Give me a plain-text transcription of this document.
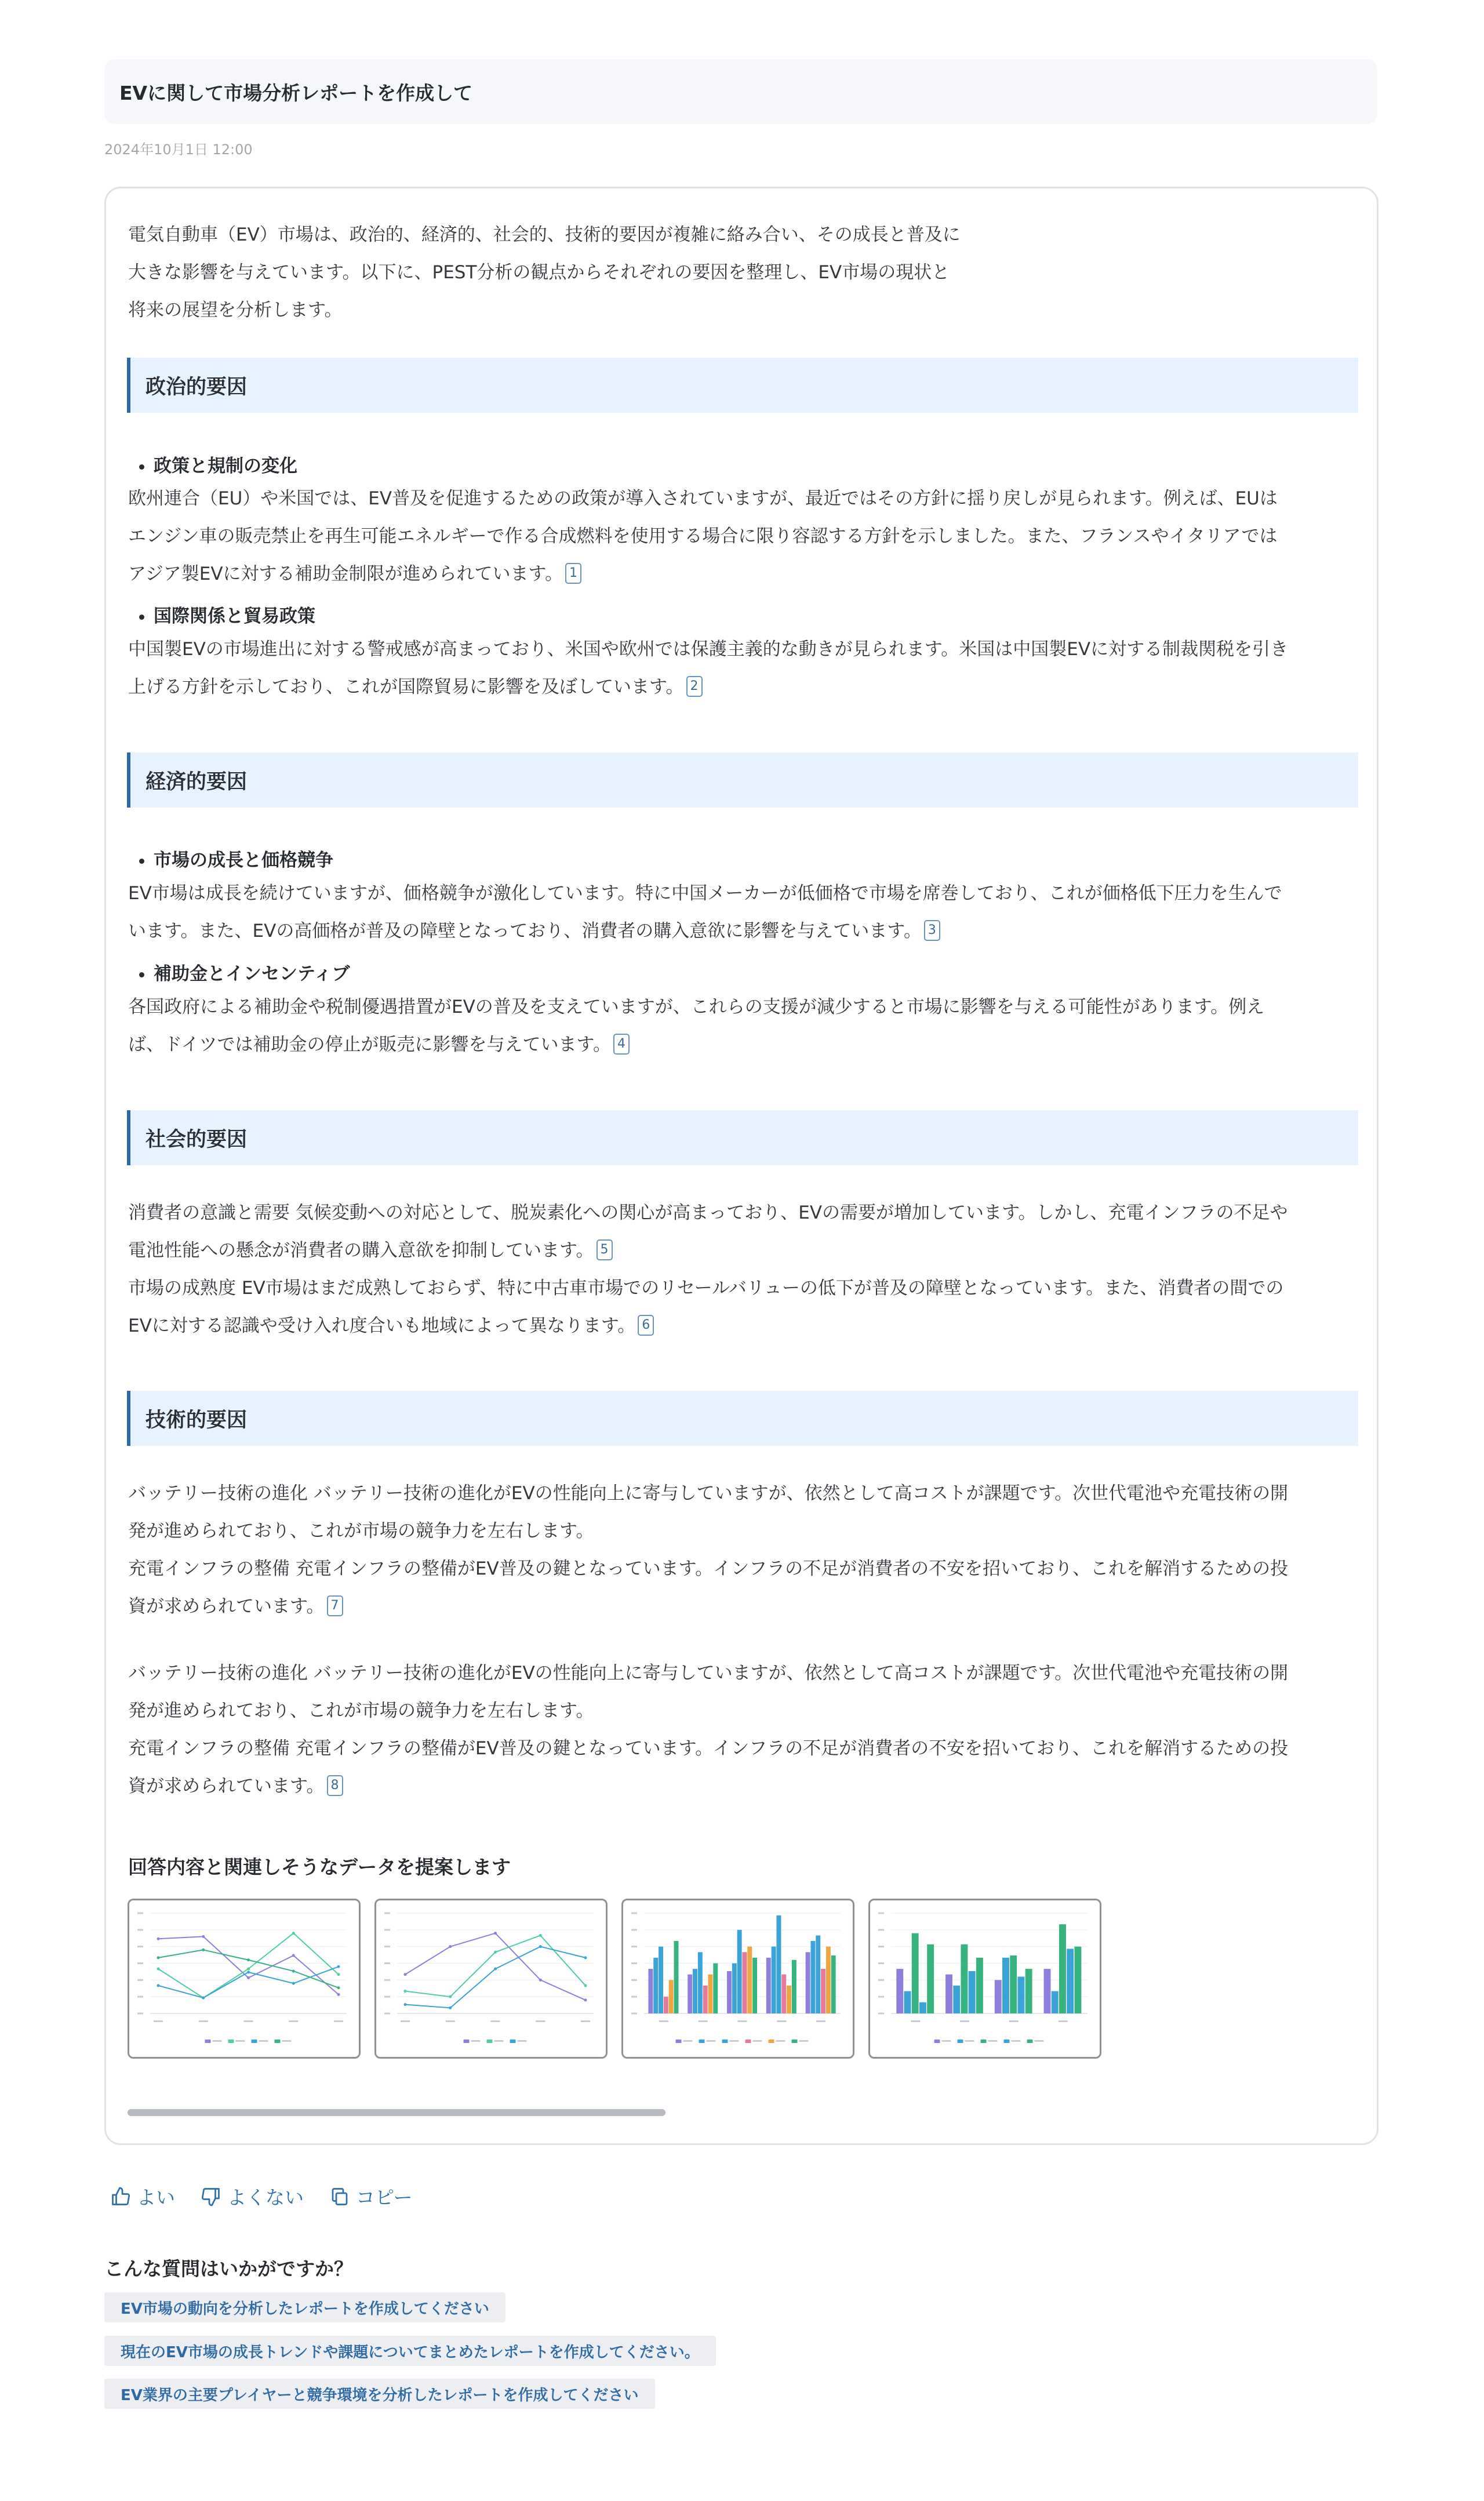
EVに関して市場分析レポートを作成して
2024年10月1日 12:00

電気自動車（EV）市場は、政治的、経済的、社会的、技術的要因が複雑に絡み合い、その成長と普及に

大きな影響を与えています。以下に、PEST分析の観点からそれぞれの要因を整理し、EV市場の現状と

将来の展望を分析します。

政治的要因
政策と規制の変化

欧州連合（EU）や米国では、EV普及を促進するための政策が導入されていますが、最近ではその方針に揺り戻しが見られます。例えば、EUは

エンジン車の販売禁止を再生可能エネルギーで作る合成燃料を使用する場合に限り容認する方針を示しました。また、フランスやイタリアでは

アジア製EVに対する補助金制限が進められています。 1

国際関係と貿易政策

中国製EVの市場進出に対する警戒感が高まっており、米国や欧州では保護主義的な動きが見られます。米国は中国製EVに対する制裁関税を引き

上げる方針を示しており、これが国際貿易に影響を及ぼしています。 2

経済的要因
市場の成長と価格競争

EV市場は成長を続けていますが、価格競争が激化しています。特に中国メーカーが低価格で市場を席巻しており、これが価格低下圧力を生んで

います。また、EVの高価格が普及の障壁となっており、消費者の購入意欲に影響を与えています。 3

補助金とインセンティブ

各国政府による補助金や税制優遇措置がEVの普及を支えていますが、これらの支援が減少すると市場に影響を与える可能性があります。例え

ば、ドイツでは補助金の停止が販売に影響を与えています。 4

社会的要因

消費者の意識と需要 気候変動への対応として、脱炭素化への関心が高まっており、EVの需要が増加しています。しかし、充電インフラの不足や

電池性能への懸念が消費者の購入意欲を抑制しています。 5

市場の成熟度 EV市場はまだ成熟しておらず、特に中古車市場でのリセールバリューの低下が普及の障壁となっています。また、消費者の間での

EVに対する認識や受け入れ度合いも地域によって異なります。 6

技術的要因

バッテリー技術の進化 バッテリー技術の進化がEVの性能向上に寄与していますが、依然として高コストが課題です。次世代電池や充電技術の開

発が進められており、これが市場の競争力を左右します。

充電インフラの整備 充電インフラの整備がEV普及の鍵となっています。インフラの不足が消費者の不安を招いており、これを解消するための投

資が求められています。 7

バッテリー技術の進化 バッテリー技術の進化がEVの性能向上に寄与していますが、依然として高コストが課題です。次世代電池や充電技術の開

発が進められており、これが市場の競争力を左右します。

充電インフラの整備 充電インフラの整備がEV普及の鍵となっています。インフラの不足が消費者の不安を招いており、これを解消するための投

資が求められています。 8

回答内容と関連しそうなデータを提案します
よい	よくない	コピー
こんな質問はいかがですか？
EV市場の動向を分析したレポートを作成してください
現在のEV市場の成長トレンドや課題についてまとめたレポートを作成してください。
EV業界の主要プレイヤーと競争環境を分析したレポートを作成してください
